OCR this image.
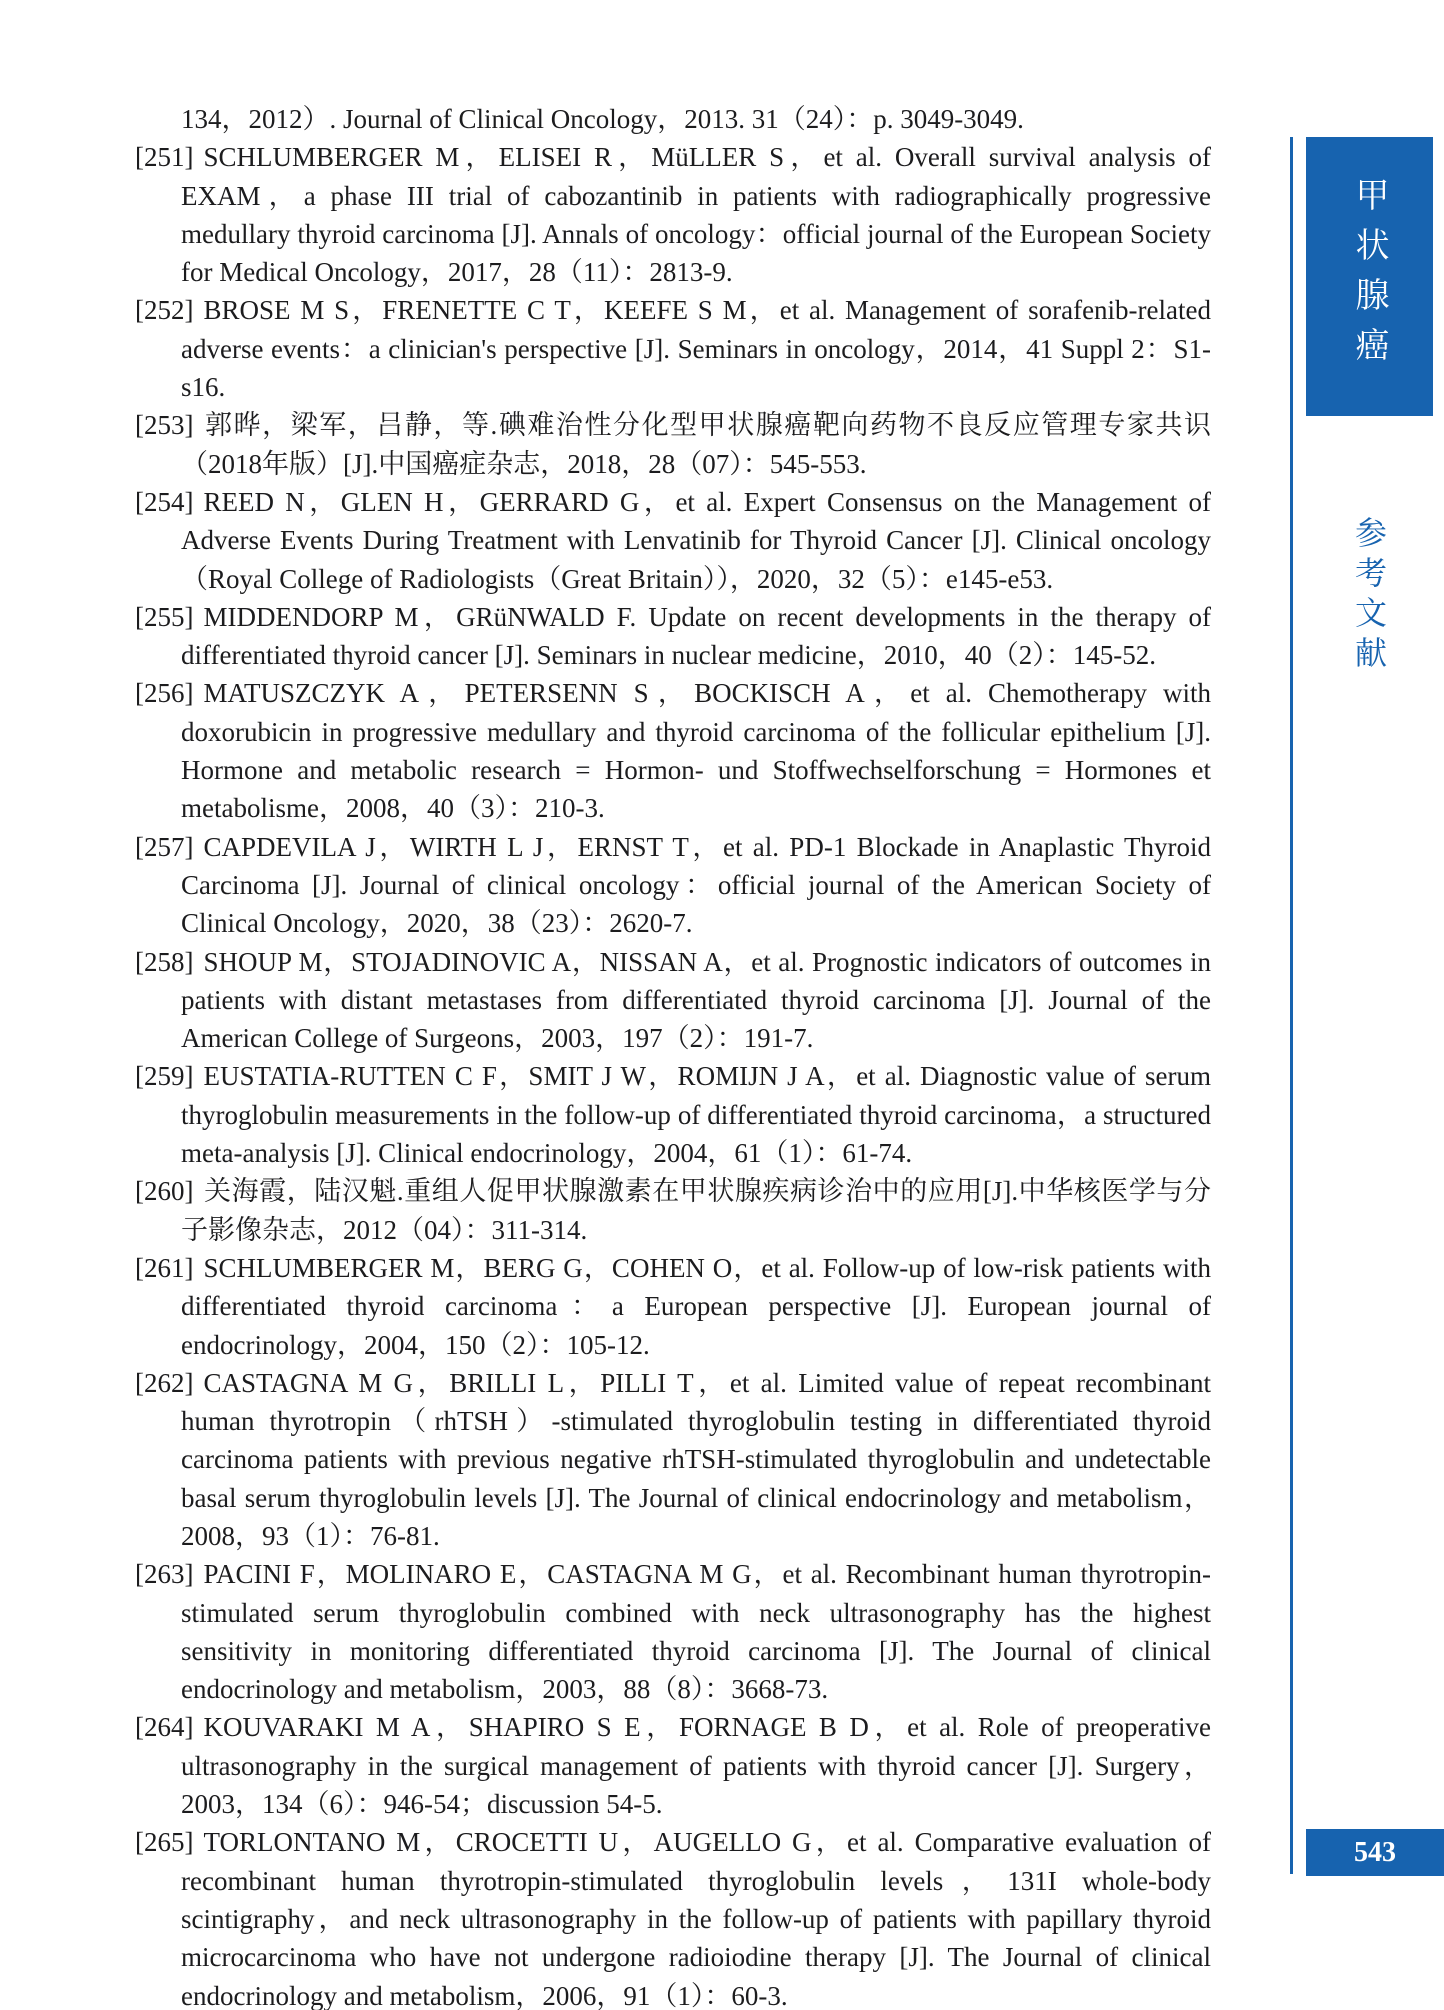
134，2012）. Journal of Clinical Oncology，2013. 31（24）：p. 3049-3049.

[251] SCHLUMBERGER M，ELISEI R，MüLLER S，et al. Overall survival analysis of EXAM，a phase III trial of cabozantinib in patients with radiographically progressive medullary thyroid carcinoma [J]. Annals of oncology：official journal of the European Society for Medical Oncology，2017，28（11）：2813-9.

[252] BROSE M S，FRENETTE C T，KEEFE S M，et al. Management of sorafenib-related adverse events：a clinician's perspective [J]. Seminars in oncology，2014，41 Suppl 2：S1-s16.

[253] 郭晔，梁军，吕静，等.碘难治性分化型甲状腺癌靶向药物不良反应管理专家共识（2018年版）[J].中国癌症杂志，2018，28（07）：545-553.

[254] REED N，GLEN H，GERRARD G，et al. Expert Consensus on the Management of Adverse Events During Treatment with Lenvatinib for Thyroid Cancer [J]. Clinical oncology（Royal College of Radiologists（Great Britain）），2020，32（5）：e145-e53.

[255] MIDDENDORP M，GRüNWALD F. Update on recent developments in the therapy of differentiated thyroid cancer [J]. Seminars in nuclear medicine，2010，40（2）：145-52.

[256] MATUSZCZYK A，PETERSENN S，BOCKISCH A，et al. Chemotherapy with doxorubicin in progressive medullary and thyroid carcinoma of the follicular epithelium [J]. Hormone and metabolic research = Hormon- und Stoffwechselforschung = Hormones et metabolisme，2008，40（3）：210-3.

[257] CAPDEVILA J，WIRTH L J，ERNST T，et al. PD-1 Blockade in Anaplastic Thyroid Carcinoma [J]. Journal of clinical oncology：official journal of the American Society of Clinical Oncology，2020，38（23）：2620-7.

[258] SHOUP M，STOJADINOVIC A，NISSAN A，et al. Prognostic indicators of outcomes in patients with distant metastases from differentiated thyroid carcinoma [J]. Journal of the American College of Surgeons，2003，197（2）：191-7.

[259] EUSTATIA-RUTTEN C F，SMIT J W，ROMIJN J A，et al. Diagnostic value of serum thyroglobulin measurements in the follow-up of differentiated thyroid carcinoma，a structured meta-analysis [J]. Clinical endocrinology，2004，61（1）：61-74.

[260] 关海霞，陆汉魁.重组人促甲状腺激素在甲状腺疾病诊治中的应用[J].中华核医学与分子影像杂志，2012（04）：311-314.

[261] SCHLUMBERGER M，BERG G，COHEN O，et al. Follow-up of low-risk patients with differentiated thyroid carcinoma：a European perspective [J]. European journal of endocrinology，2004，150（2）：105-12.

[262] CASTAGNA M G，BRILLI L，PILLI T，et al. Limited value of repeat recombinant human thyrotropin（rhTSH）-stimulated thyroglobulin testing in differentiated thyroid carcinoma patients with previous negative rhTSH-stimulated thyroglobulin and undetectable basal serum thyroglobulin levels [J]. The Journal of clinical endocrinology and metabolism，2008，93（1）：76-81.

[263] PACINI F，MOLINARO E，CASTAGNA M G，et al. Recombinant human thyrotropin-stimulated serum thyroglobulin combined with neck ultrasonography has the highest sensitivity in monitoring differentiated thyroid carcinoma [J]. The Journal of clinical endocrinology and metabolism，2003，88（8）：3668-73.

[264] KOUVARAKI M A，SHAPIRO S E，FORNAGE B D，et al. Role of preoperative ultrasonography in the surgical management of patients with thyroid cancer [J]. Surgery，2003，134（6）：946-54；discussion 54-5.

[265] TORLONTANO M，CROCETTI U，AUGELLO G，et al. Comparative evaluation of recombinant human thyrotropin-stimulated thyroglobulin levels，131I whole-body scintigraphy，and neck ultrasonography in the follow-up of patients with papillary thyroid microcarcinoma who have not undergone radioiodine therapy [J]. The Journal of clinical endocrinology and metabolism，2006，91（1）：60-3.

甲状腺癌
参考文献
543
